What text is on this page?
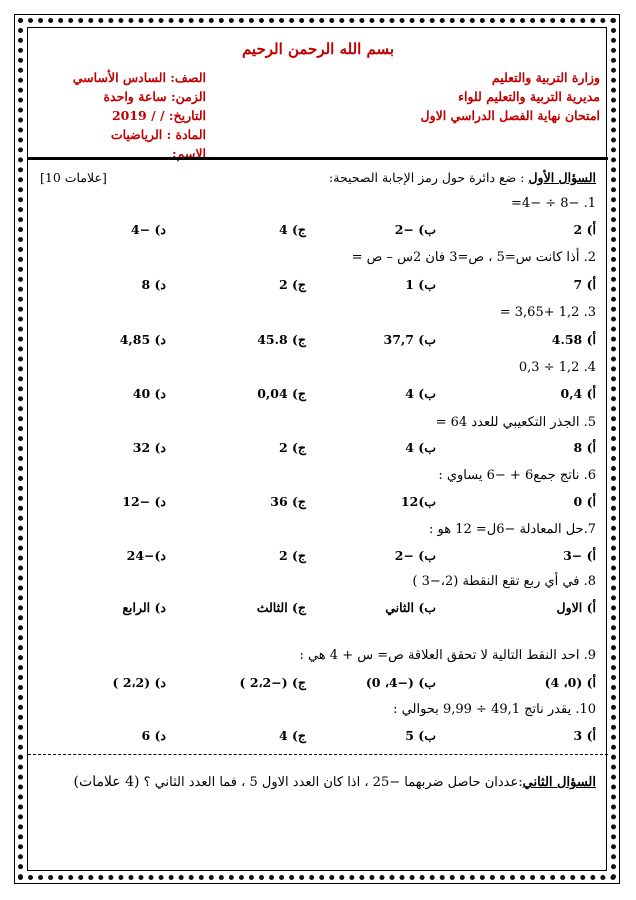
بسم الله الرحمن الرحيم
وزارة التربية والتعليم
مديرية التربية والتعليم للواء
امتحان نهاية الفصل الدراسي الاول
الصف: السادس الأساسي
الزمن: ساعة واحدة
التاريخ: / / 2019
المادة : الرياضيات
الاسم:
السؤال الأول : ضع دائرة حول رمز الإجابة الصحيحة:
[10 علامات]
1. −8 ÷ −4=
أ) 2
ب) −2
ج) 4
د) −4
2. أذا كانت س=5 ، ص=3 فان 2س – ص =
أ) 7
ب) 1
ج) 2
د) 8
3. 1,2 +3,65 =
أ) 4.58
ب) 37,7
ج) 45.8
د) 4,85
4. 1,2 ÷ 0,3
أ) 0,4
ب) 4
ج) 0,04
د) 40
5. الجذر التكعيبي للعدد 64 =
أ) 8
ب) 4
ج) 2
د) 32
6. ناتج جمع6 + −6 يساوي :
أ) 0
ب)12
ج) 36
د) −12
7.حل المعادلة −6ل= 12 هو :
أ) −3
ب) −2
ج) 2
د)−24
8. في أي ربع تقع النقطة (2،−3 )
أ) الاول
ب) الثاني
ج) الثالث
د) الرابع
9. احد النقط التالية لا تحقق العلاقة ص= س + 4 هي :
أ) (0، 4)
ب) (−4، 0)
ج) (−2،2 )
د) (2،2 )
10. يقدر ناتج 49,1 ÷ 9,99 بحوالي :
أ) 3
ب) 5
ج) 4
د) 6
السؤال الثاني:عددان حاصل ضربهما −25 ، اذا كان العدد الاول 5 ، فما العدد الثاني ؟ (4 علامات)
